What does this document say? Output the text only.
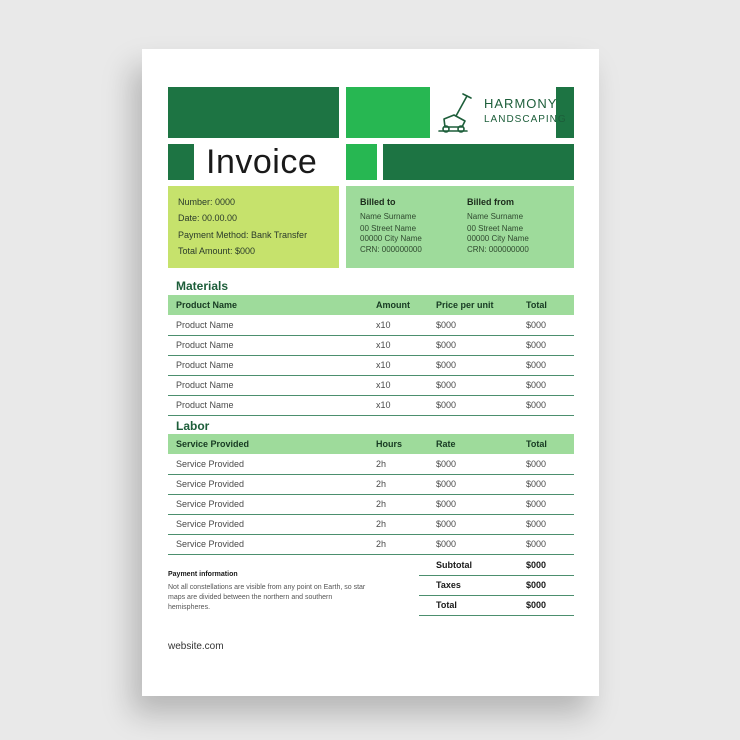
Invoice
HARMONY
LANDSCAPING
Number: 0000
Date: 00.00.00
Payment Method: Bank Transfer
Total Amount: $000
Billed to
Name Surname
00 Street Name
00000 City Name
CRN: 000000000
Billed from
Name Surname
00 Street Name
00000 City Name
CRN: 000000000
Materials
Product Name	Amount	Price per unit	Total
Product Name	x10	$000	$000
Product Name	x10	$000	$000
Product Name	x10	$000	$000
Product Name	x10	$000	$000
Product Name	x10	$000	$000
Labor
Service Provided	Hours	Rate	Total
Service Provided	2h	$000	$000
Service Provided	2h	$000	$000
Service Provided	2h	$000	$000
Service Provided	2h	$000	$000
Service Provided	2h	$000	$000
Subtotal	$000
Taxes	$000
Total	$000
Payment information
Not all constellations are visible from any point on Earth, so star maps are divided between the northern and southern hemispheres.
website.com
